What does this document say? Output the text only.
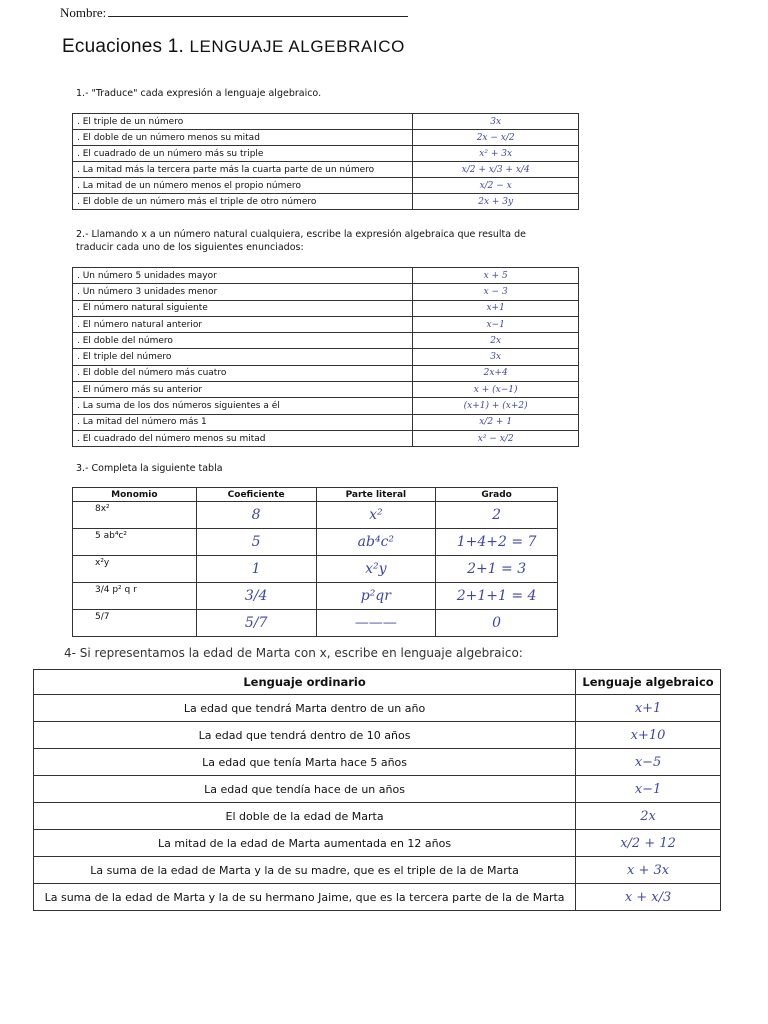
Nombre:
Ecuaciones 1. LENGUAJE ALGEBRAICO
1.- "Traduce" cada expresión a lenguaje algebraico.
. El triple de un número	3x
. El doble de un número menos su mitad	2x − x/2
. El cuadrado de un número más su triple	x² + 3x
. La mitad más la tercera parte más la cuarta parte de un número	x/2 + x/3 + x/4
. La mitad de un número menos el propio número	x/2 − x
. El doble de un número más el triple de otro número	2x + 3y
2.- Llamando x a un número natural cualquiera, escribe la expresión algebraica que resulta de traducir cada uno de los siguientes enunciados:
. Un número 5 unidades mayor	x + 5
. Un número 3 unidades menor	x − 3
. El número natural siguiente	x+1
. El número natural anterior	x−1
. El doble del número	2x
. El triple del número	3x
. El doble del número más cuatro	2x+4
. El número más su anterior	x + (x−1)
. La suma de los dos números siguientes a él	(x+1) + (x+2)
. La mitad del número más 1	x/2 + 1
. El cuadrado del número menos su mitad	x² − x/2
3.- Completa la siguiente tabla
Monomio	Coeficiente	Parte literal	Grado
8x²	8	x²	2
5 ab⁴c²	5	ab⁴c²	1+4+2 = 7
x²y	1	x²y	2+1 = 3
3/4 p² q r	3/4	p²qr	2+1+1 = 4
5/7	5/7	———	0
4- Si representamos la edad de Marta con x, escribe en lenguaje algebraico:
Lenguaje ordinario	Lenguaje algebraico
La edad que tendrá Marta dentro de un año	x+1
La edad que tendrá dentro de 10 años	x+10
La edad que tenía Marta hace 5 años	x−5
La edad que tendía hace de un años	x−1
El doble de la edad de Marta	2x
La mitad de la edad de Marta aumentada en 12 años	x/2 + 12
La suma de la edad de Marta y la de su madre, que es el triple de la de Marta	x + 3x
La suma de la edad de Marta y la de su hermano Jaime, que es la tercera parte de la de Marta	x + x/3
